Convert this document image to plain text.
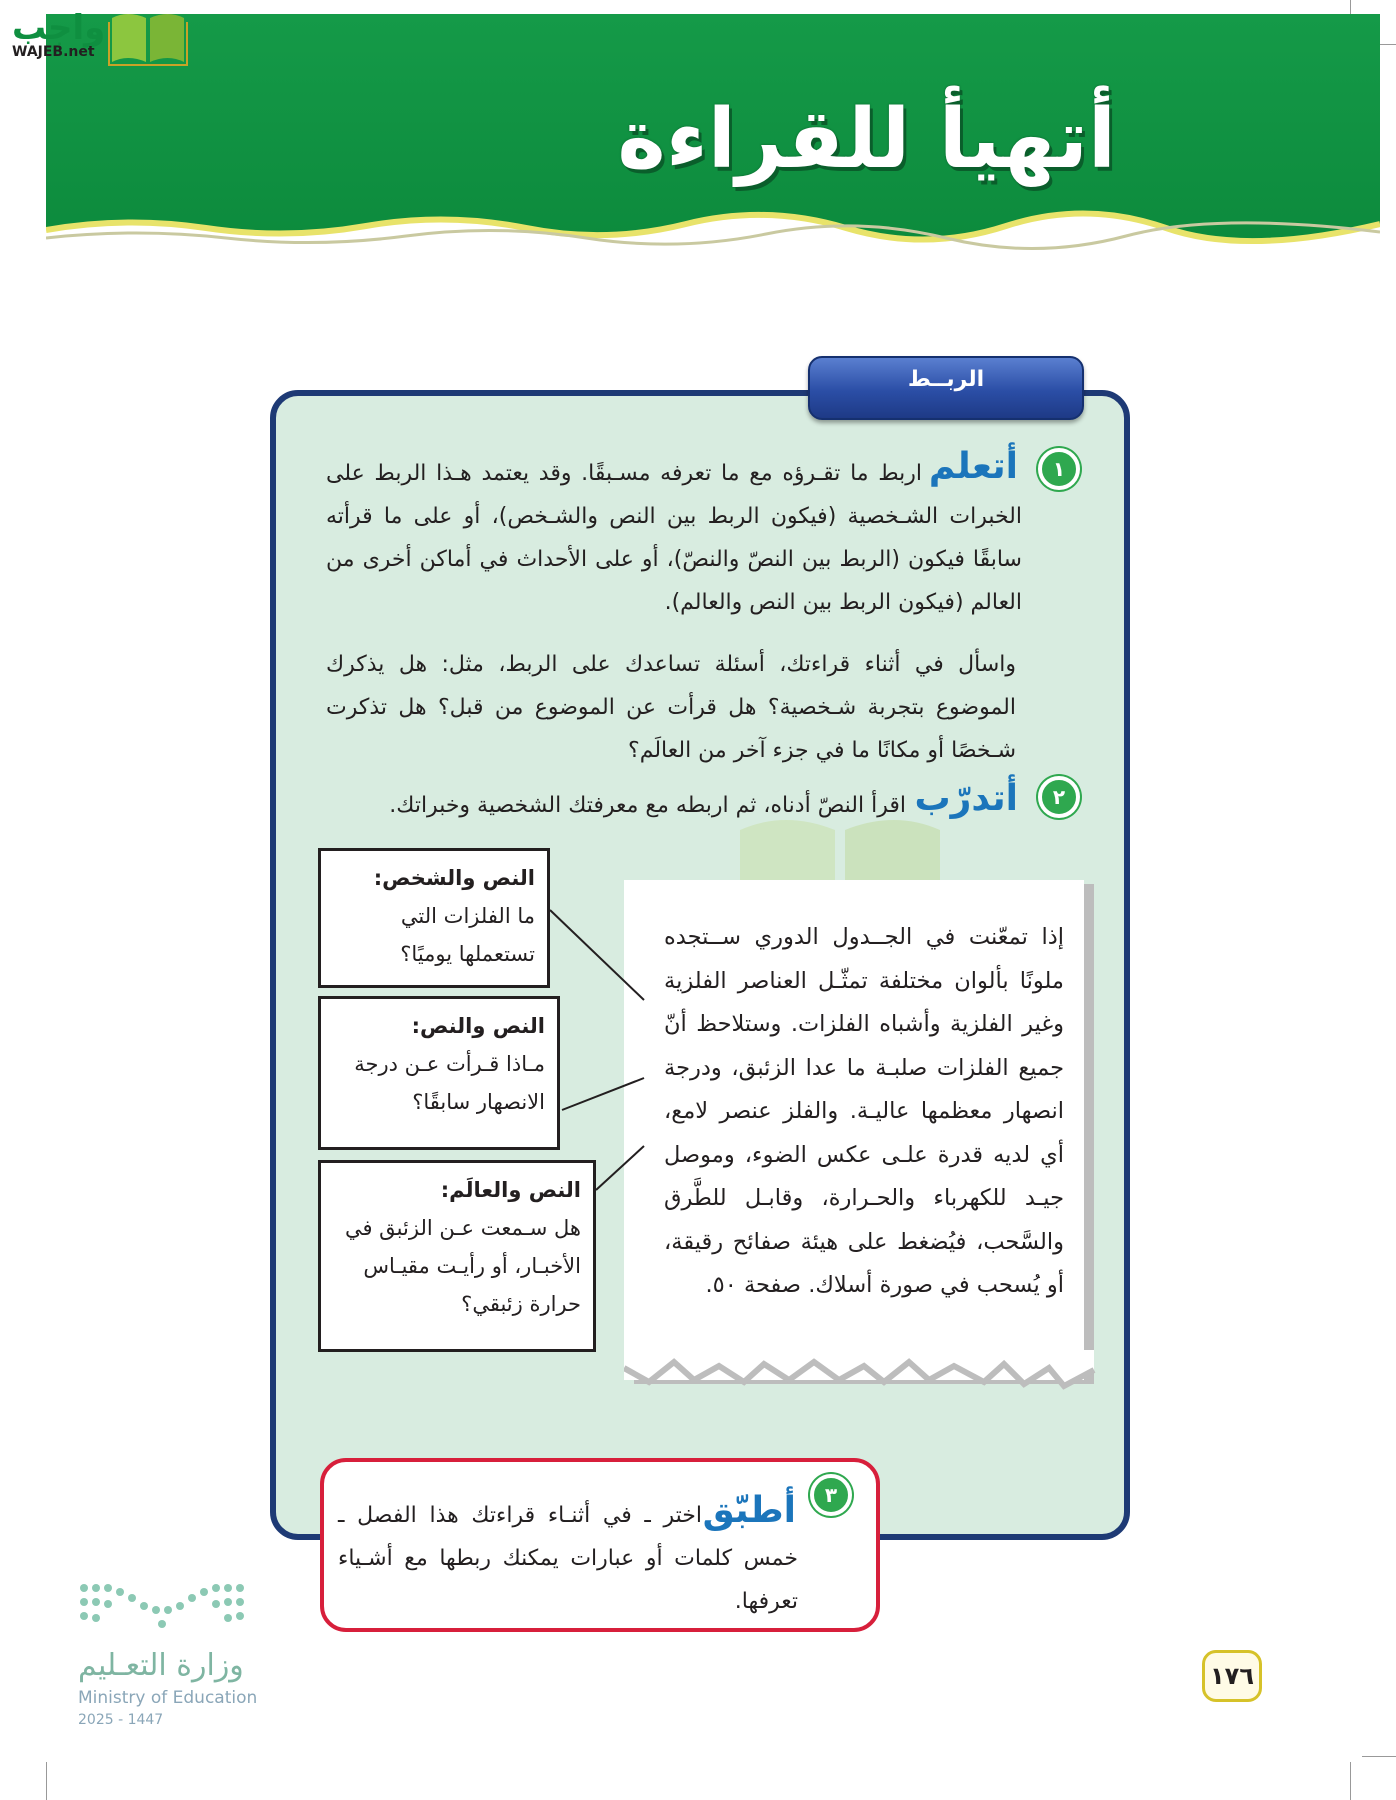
أتهيأ للقراءة
واجب
WAJEB.net
الربــط
١
أتعلم
اربط ما تقـرؤه مع ما تعرفه مسـبقًا. وقد يعتمد هـذا الربط على الخبرات الشـخصية (فيكون الربط بين النص والشـخص)، أو على ما قرأته سابقًا فيكون (الربط بين النصّ والنصّ)، أو على الأحداث في أماكن أخرى من العالم (فيكون الربط بين النص والعالم).
واسأل في أثناء قراءتك، أسئلة تساعدك على الربط، مثل: هل يذكرك الموضوع بتجربة شـخصية؟ هل قرأت عن الموضوع من قبل؟ هل تذكرت شـخصًا أو مكانًا ما في جزء آخر من العالَم؟
٢
أتدرّب
اقرأ النصّ أدناه، ثم اربطه مع معرفتك الشخصية وخبراتك.
إذا تمعّنت في الجــدول الدوري ســتجده ملونًا بألوان مختلفة تمثّـل العناصر الفلزية وغير الفلزية وأشباه الفلزات. وستلاحظ أنّ جميع الفلزات صلبـة ما عدا الزئبق، ودرجة انصهار معظمها عاليـة. والفلز عنصر لامع، أي لديه قدرة علـى عكس الضوء، وموصل جيـد للكهرباء والحـرارة، وقابـل للطَّرق والسَّحب، فيُضغط على هيئة صفائح رقيقة، أو يُسحب في صورة أسلاك. صفحة ٥٠.
النص والشخص:
ما الفلزات التي تستعملها يوميًا؟
النص والنص:
مـاذا قـرأت عـن درجة الانصهار سابقًا؟
النص والعالَم:
هل سـمعت عـن الزئبق في الأخبـار، أو رأيـت مقيـاس حرارة زئبقي؟
٣
أطبّق
اختر ـ في أثنـاء قراءتك هذا الفصل ـ خمس كلمات أو عبارات يمكنك ربطها مع أشـياء تعرفها.
١٧٦
وزارة التعـليم
Ministry of Education
2025 - 1447
